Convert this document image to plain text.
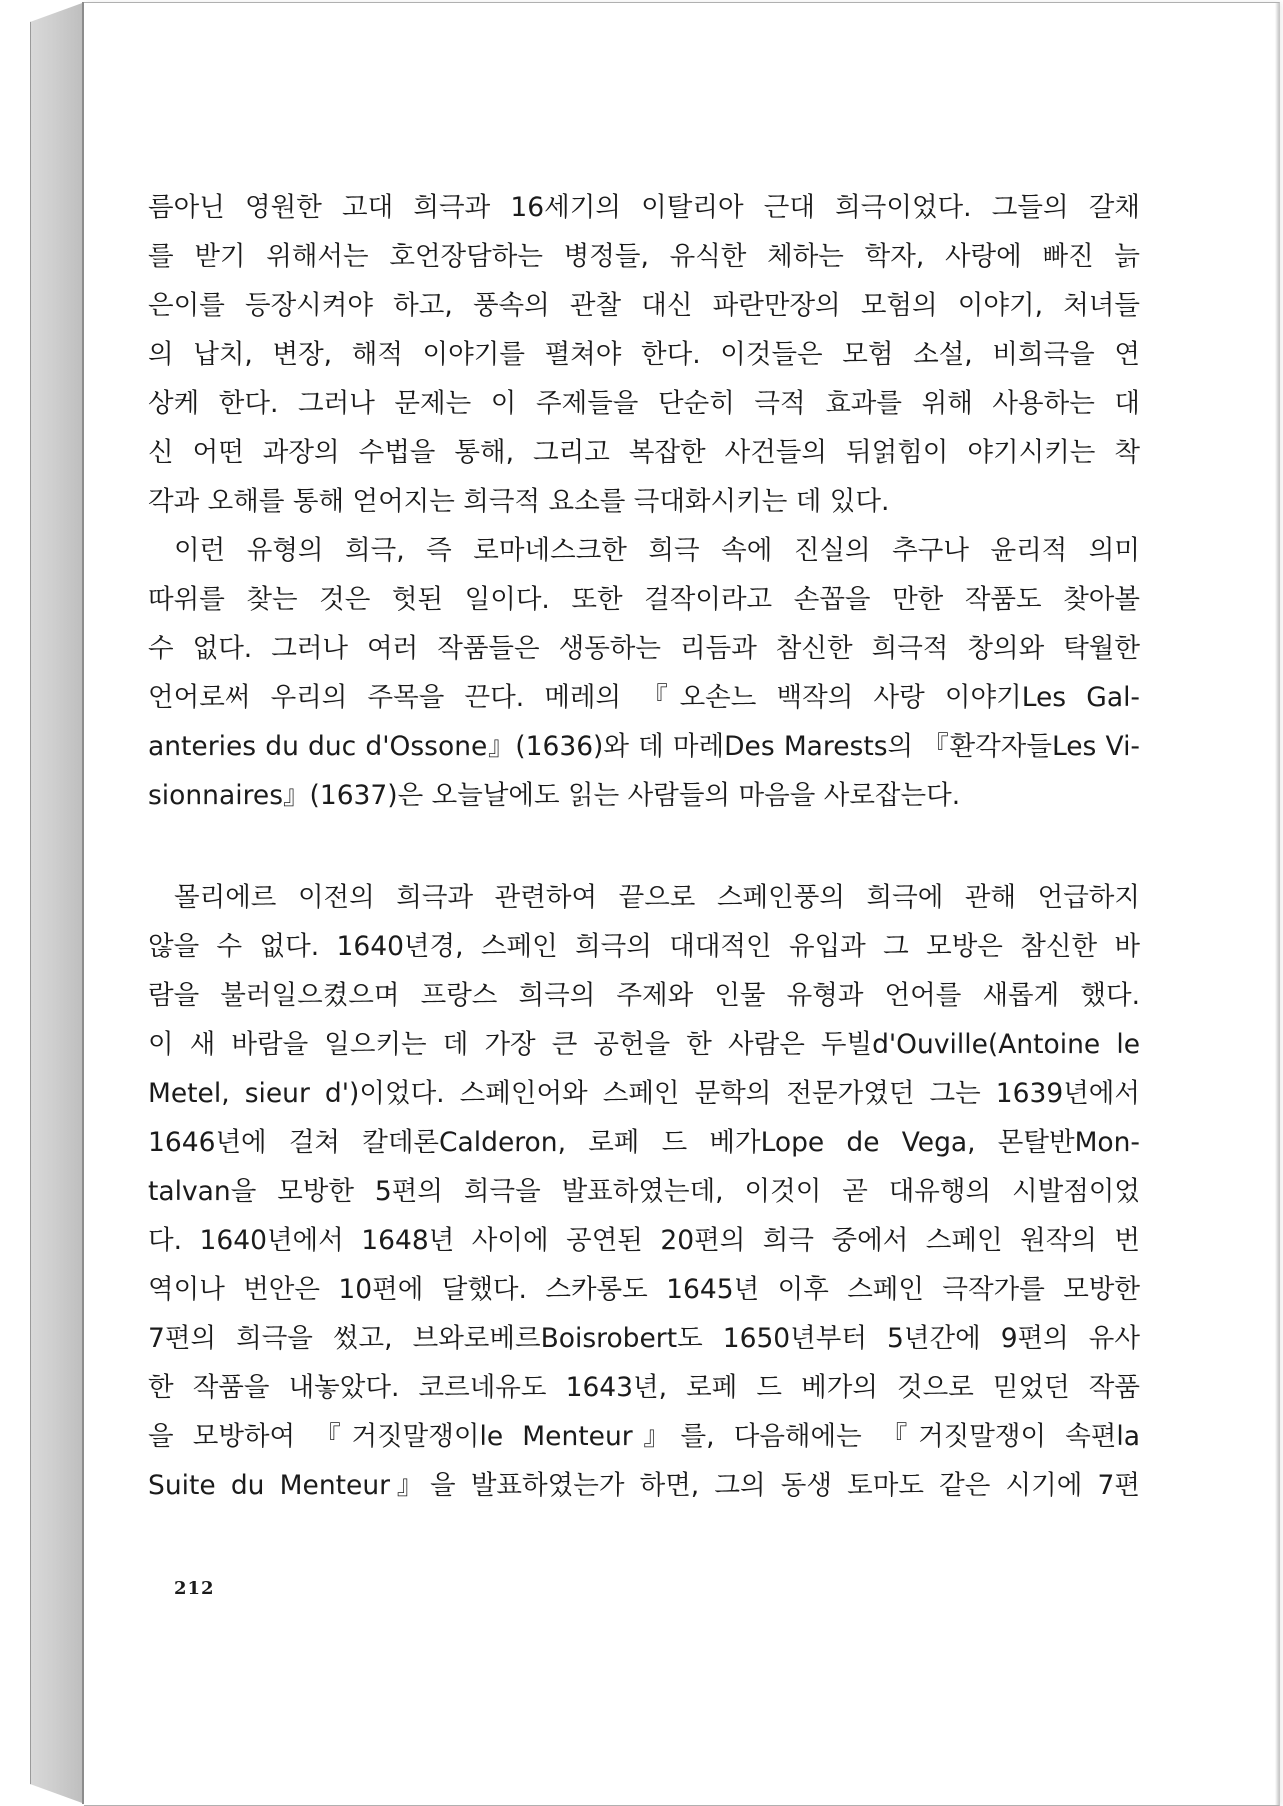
름아닌 영원한 고대 희극과 16세기의 이탈리아 근대 희극이었다. 그들의 갈채
를 받기 위해서는 호언장담하는 병정들, 유식한 체하는 학자, 사랑에 빠진 늙
은이를 등장시켜야 하고, 풍속의 관찰 대신 파란만장의 모험의 이야기, 처녀들
의 납치, 변장, 해적 이야기를 펼쳐야 한다. 이것들은 모험 소설, 비희극을 연
상케 한다. 그러나 문제는 이 주제들을 단순히 극적 효과를 위해 사용하는 대
신 어떤 과장의 수법을 통해, 그리고 복잡한 사건들의 뒤얽힘이 야기시키는 착
각과 오해를 통해 얻어지는 희극적 요소를 극대화시키는 데 있다.
이런 유형의 희극, 즉 로마네스크한 희극 속에 진실의 추구나 윤리적 의미
따위를 찾는 것은 헛된 일이다. 또한 걸작이라고 손꼽을 만한 작품도 찾아볼
수 없다. 그러나 여러 작품들은 생동하는 리듬과 참신한 희극적 창의와 탁월한
언어로써 우리의 주목을 끈다. 메레의 『오손느 백작의 사랑 이야기Les Gal-
anteries du duc d'Ossone』(1636)와 데 마레Des Marests의 『환각자들Les Vi-
sionnaires』(1637)은 오늘날에도 읽는 사람들의 마음을 사로잡는다.
몰리에르 이전의 희극과 관련하여 끝으로 스페인풍의 희극에 관해 언급하지
않을 수 없다. 1640년경, 스페인 희극의 대대적인 유입과 그 모방은 참신한 바
람을 불러일으켰으며 프랑스 희극의 주제와 인물 유형과 언어를 새롭게 했다.
이 새 바람을 일으키는 데 가장 큰 공헌을 한 사람은 두빌d'Ouville(Antoine le
Metel, sieur d')이었다. 스페인어와 스페인 문학의 전문가였던 그는 1639년에서
1646년에 걸쳐 칼데론Calderon, 로페 드 베가Lope de Vega, 몬탈반Mon-
talvan을 모방한 5편의 희극을 발표하였는데, 이것이 곧 대유행의 시발점이었
다. 1640년에서 1648년 사이에 공연된 20편의 희극 중에서 스페인 원작의 번
역이나 번안은 10편에 달했다. 스카롱도 1645년 이후 스페인 극작가를 모방한
7편의 희극을 썼고, 브와로베르Boisrobert도 1650년부터 5년간에 9편의 유사
한 작품을 내놓았다. 코르네유도 1643년, 로페 드 베가의 것으로 믿었던 작품
을 모방하여 『거짓말쟁이le Menteur』를, 다음해에는 『거짓말쟁이 속편la
Suite du Menteur』을 발표하였는가 하면, 그의 동생 토마도 같은 시기에 7편
212
